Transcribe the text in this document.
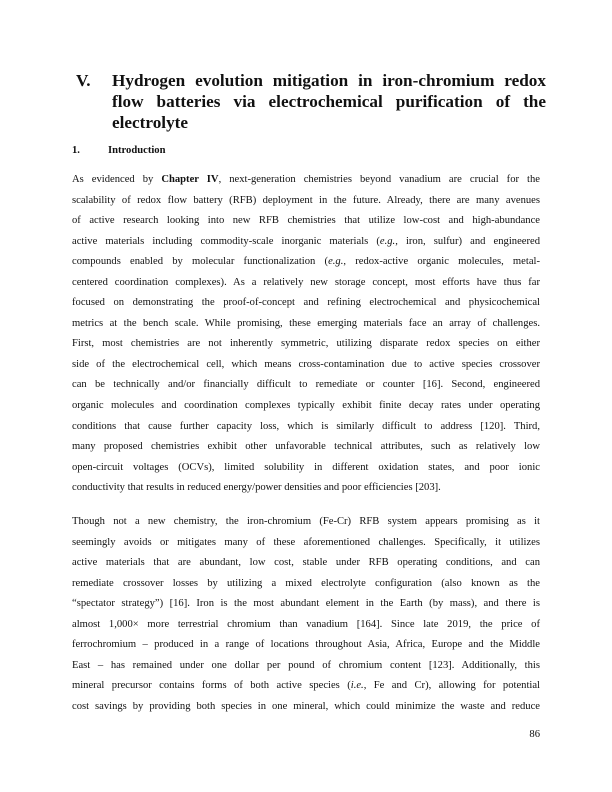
V.	Hydrogen evolution mitigation in iron-chromium redox flow batteries via electrochemical purification of the electrolyte
1.	Introduction
As evidenced by Chapter IV, next-generation chemistries beyond vanadium are crucial for the
scalability of redox flow battery (RFB) deployment in the future. Already, there are many avenues
of active research looking into new RFB chemistries that utilize low-cost and high-abundance
active materials including commodity-scale inorganic materials (e.g., iron, sulfur) and engineered
compounds enabled by molecular functionalization (e.g., redox-active organic molecules, metal-
centered coordination complexes). As a relatively new storage concept, most efforts have thus far
focused on demonstrating the proof-of-concept and refining electrochemical and physicochemical
metrics at the bench scale. While promising, these emerging materials face an array of challenges.
First, most chemistries are not inherently symmetric, utilizing disparate redox species on either
side of the electrochemical cell, which means cross-contamination due to active species crossover
can be technically and/or financially difficult to remediate or counter [16]. Second, engineered
organic molecules and coordination complexes typically exhibit finite decay rates under operating
conditions that cause further capacity loss, which is similarly difficult to address [120]. Third,
many proposed chemistries exhibit other unfavorable technical attributes, such as relatively low
open-circuit voltages (OCVs), limited solubility in different oxidation states, and poor ionic
conductivity that results in reduced energy/power densities and poor efficiencies [203].
Though not a new chemistry, the iron-chromium (Fe-Cr) RFB system appears promising as it
seemingly avoids or mitigates many of these aforementioned challenges. Specifically, it utilizes
active materials that are abundant, low cost, stable under RFB operating conditions, and can
remediate crossover losses by utilizing a mixed electrolyte configuration (also known as the
“spectator strategy”) [16]. Iron is the most abundant element in the Earth (by mass), and there is
almost 1,000× more terrestrial chromium than vanadium [164]. Since late 2019, the price of
ferrochromium – produced in a range of locations throughout Asia, Africa, Europe and the Middle
East – has remained under one dollar per pound of chromium content [123]. Additionally, this
mineral precursor contains forms of both active species (i.e., Fe and Cr), allowing for potential
cost savings by providing both species in one mineral, which could minimize the waste and reduce
86
